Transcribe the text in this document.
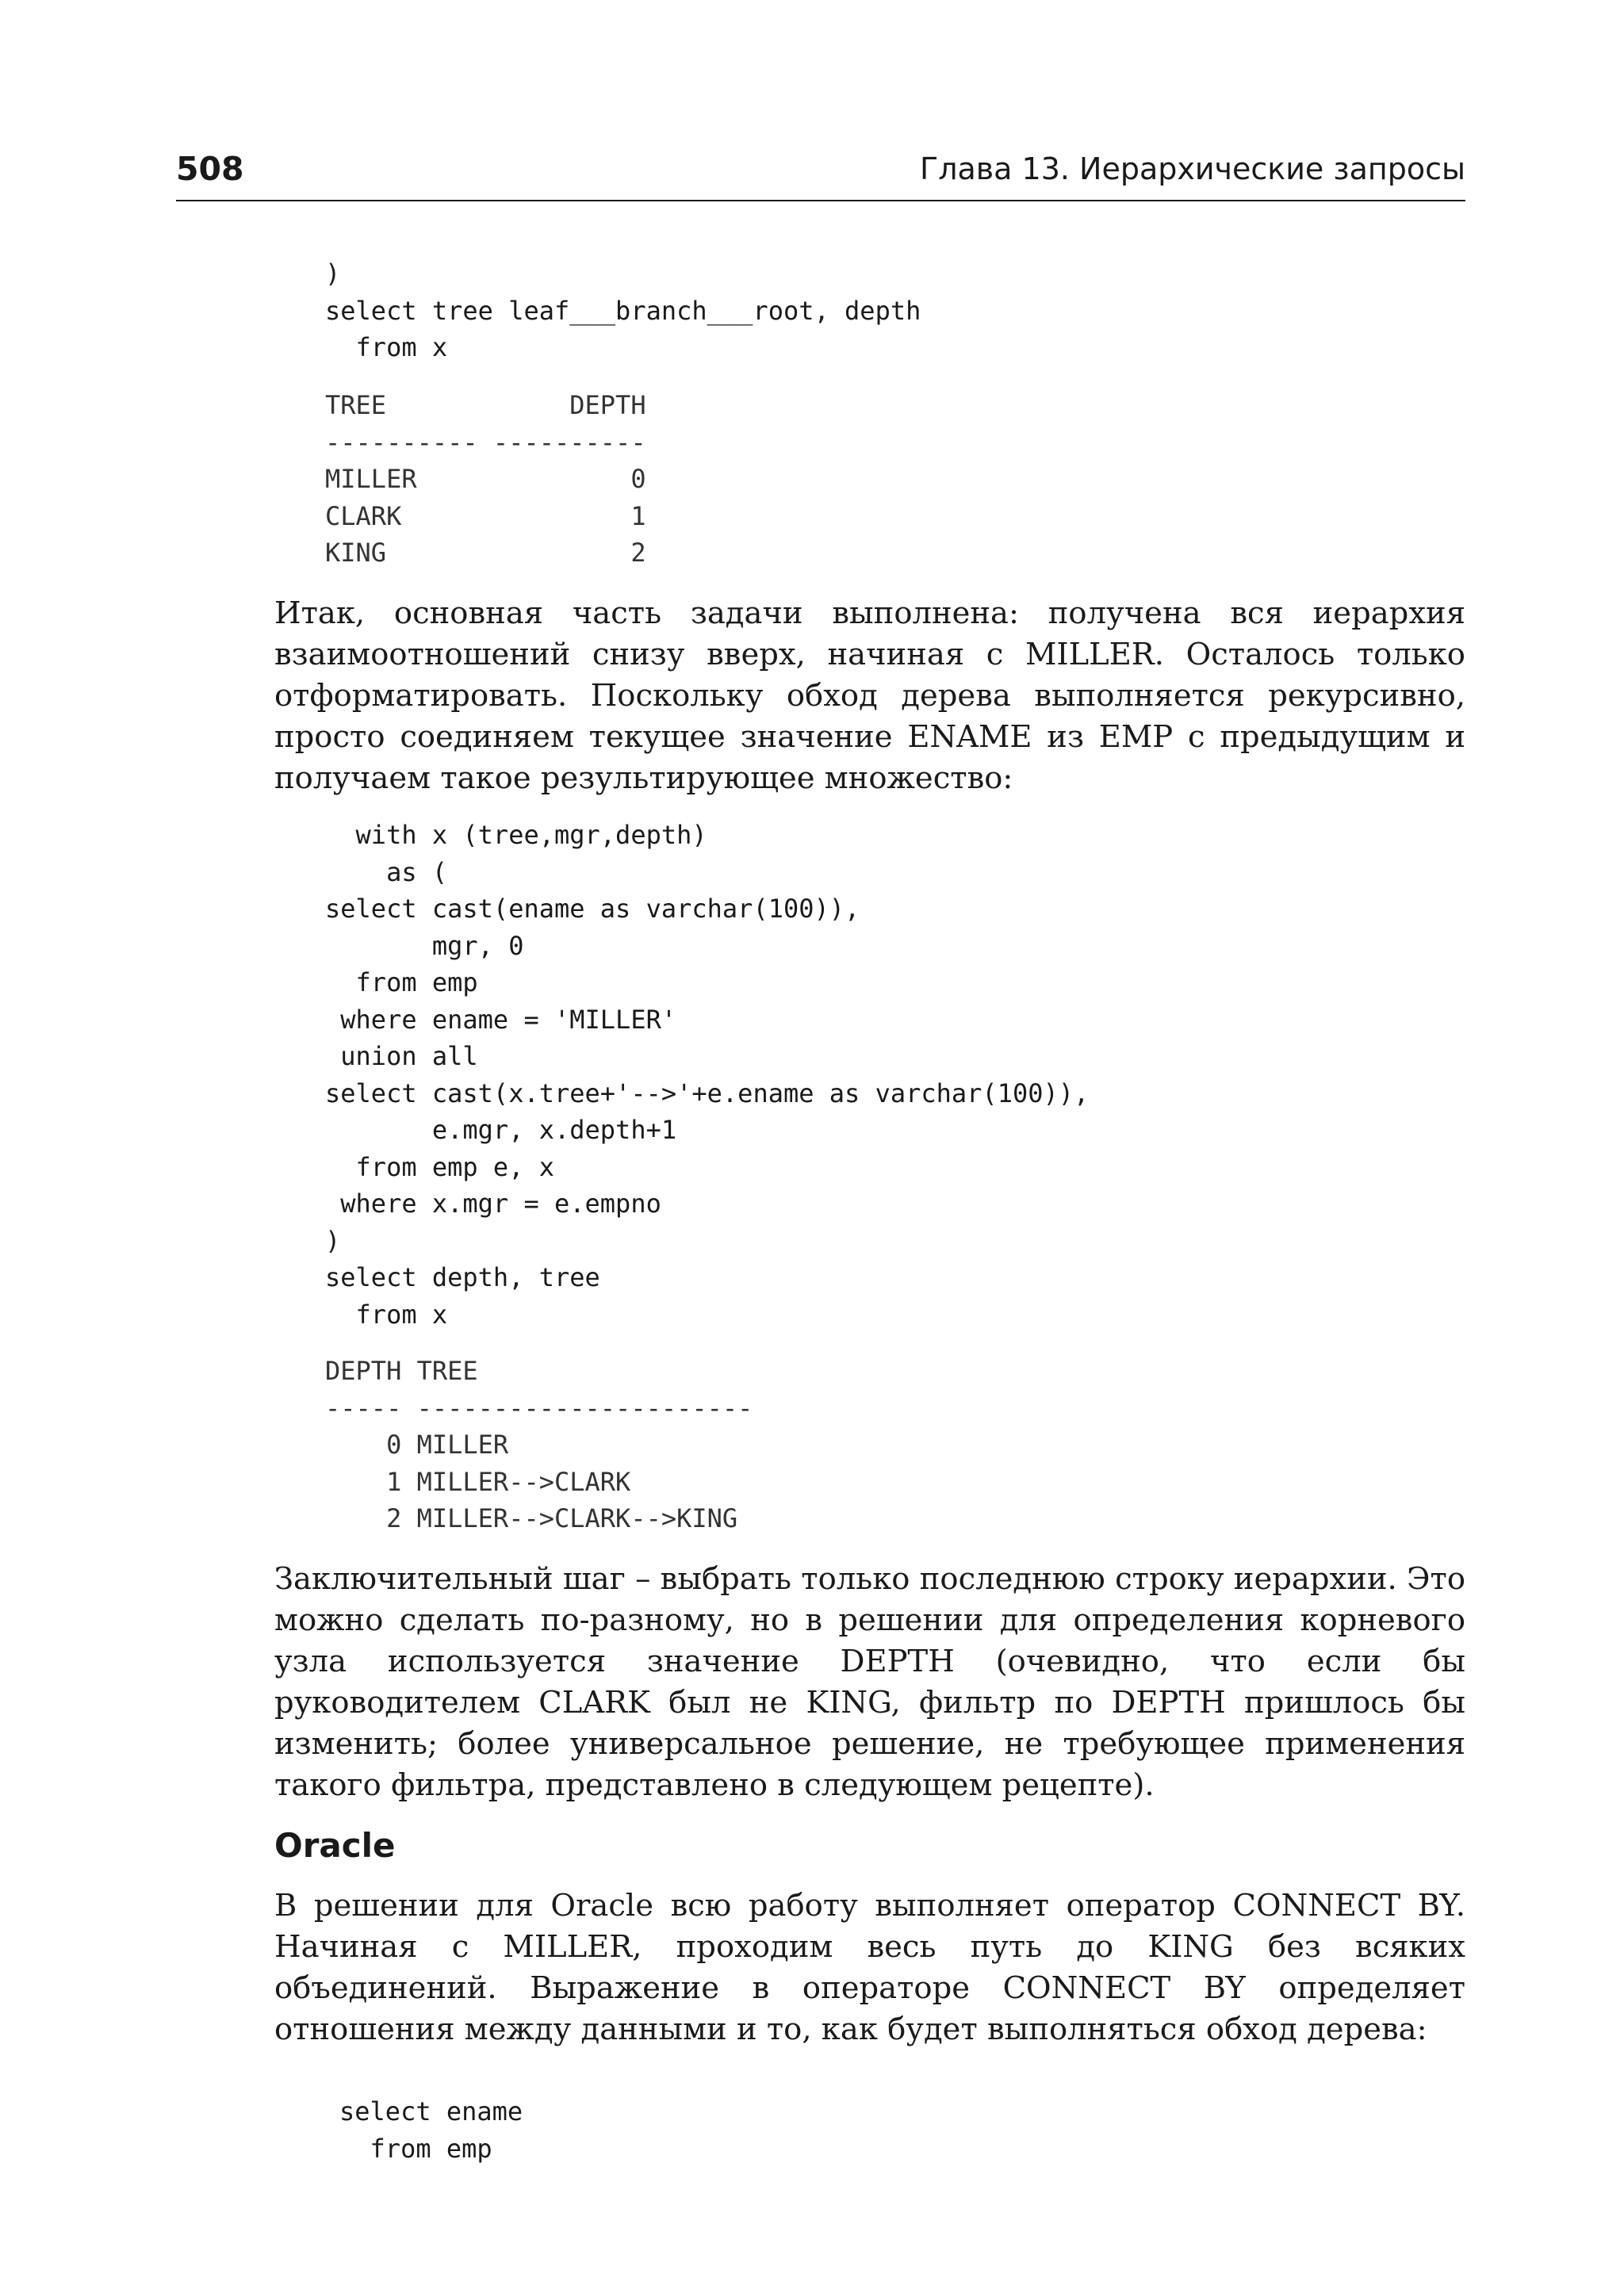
508	Глава 13. Иерархические запросы
)
select tree leaf___branch___root, depth
from x
TREE            DEPTH
---------- ----------
MILLER              0
CLARK               1
KING                2
Итак, основная часть задачи выполнена: получена вся иерархия взаимоотношений снизу вверх, начиная с MILLER. Осталось только отформатировать. Поскольку обход дерева выполняется рекурсивно, просто соединяем текущее значение ENAME из EMP с предыдущим и получаем такое результирующее множество:
with x (tree,mgr,depth)
as (
select cast(ename as varchar(100)),
mgr, 0
from emp
where ename = 'MILLER'
union all
select cast(x.tree+'-->'+e.ename as varchar(100)),
e.mgr, x.depth+1
from emp e, x
where x.mgr = e.empno
)
select depth, tree
from x
DEPTH TREE
----- ----------------------
0 MILLER
1 MILLER-->CLARK
2 MILLER-->CLARK-->KING
Заключительный шаг – выбрать только последнюю строку иерархии. Это можно сделать по-разному, но в решении для определения корневого узла используется значение DEPTH (очевидно, что если бы руководителем CLARK был не KING, фильтр по DEPTH пришлось бы изменить; более универсальное решение, не требующее применения такого фильтра, представлено в следующем рецепте).
Oracle
В решении для Oracle всю работу выполняет оператор CONNECT BY. Начиная с MILLER, проходим весь путь до KING без всяких объединений. Выражение в операторе CONNECT BY определяет отношения между данными и то, как будет выполняться обход дерева:
select ename
from emp
